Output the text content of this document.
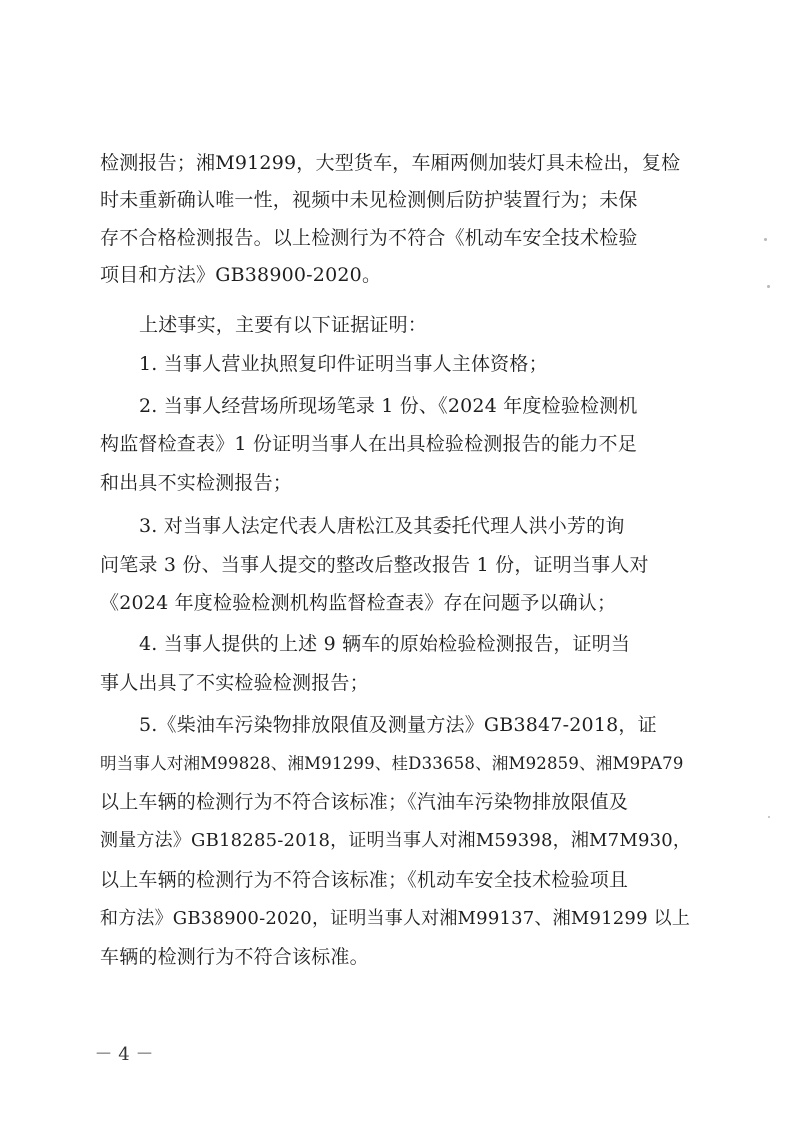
检测报告；湘M91299，大型货车，车厢两侧加装灯具未检出，复检
时未重新确认唯一性，视频中未见检测侧后防护装置行为；未保
存不合格检测报告。以上检测行为不符合《机动车安全技术检验
项目和方法》GB38900-2020。
上述事实，主要有以下证据证明：
1. 当事人营业执照复印件证明当事人主体资格；
2. 当事人经营场所现场笔录 1 份、《2024 年度检验检测机
构监督检查表》1 份证明当事人在出具检验检测报告的能力不足
和出具不实检测报告；
3. 对当事人法定代表人唐松江及其委托代理人洪小芳的询
问笔录 3 份、当事人提交的整改后整改报告 1 份，证明当事人对
《2024 年度检验检测机构监督检查表》存在问题予以确认；
4. 当事人提供的上述 9 辆车的原始检验检测报告，证明当
事人出具了不实检验检测报告；
5.《柴油车污染物排放限值及测量方法》GB3847-2018，证
明当事人对湘M99828、湘M91299、桂D33658、湘M92859、湘M9PA79
以上车辆的检测行为不符合该标准；《汽油车污染物排放限值及
测量方法》GB18285-2018，证明当事人对湘M59398，湘M7M930，
以上车辆的检测行为不符合该标准；《机动车安全技术检验项且
和方法》GB38900-2020，证明当事人对湘M99137、湘M91299 以上
车辆的检测行为不符合该标准。
－ 4 －
